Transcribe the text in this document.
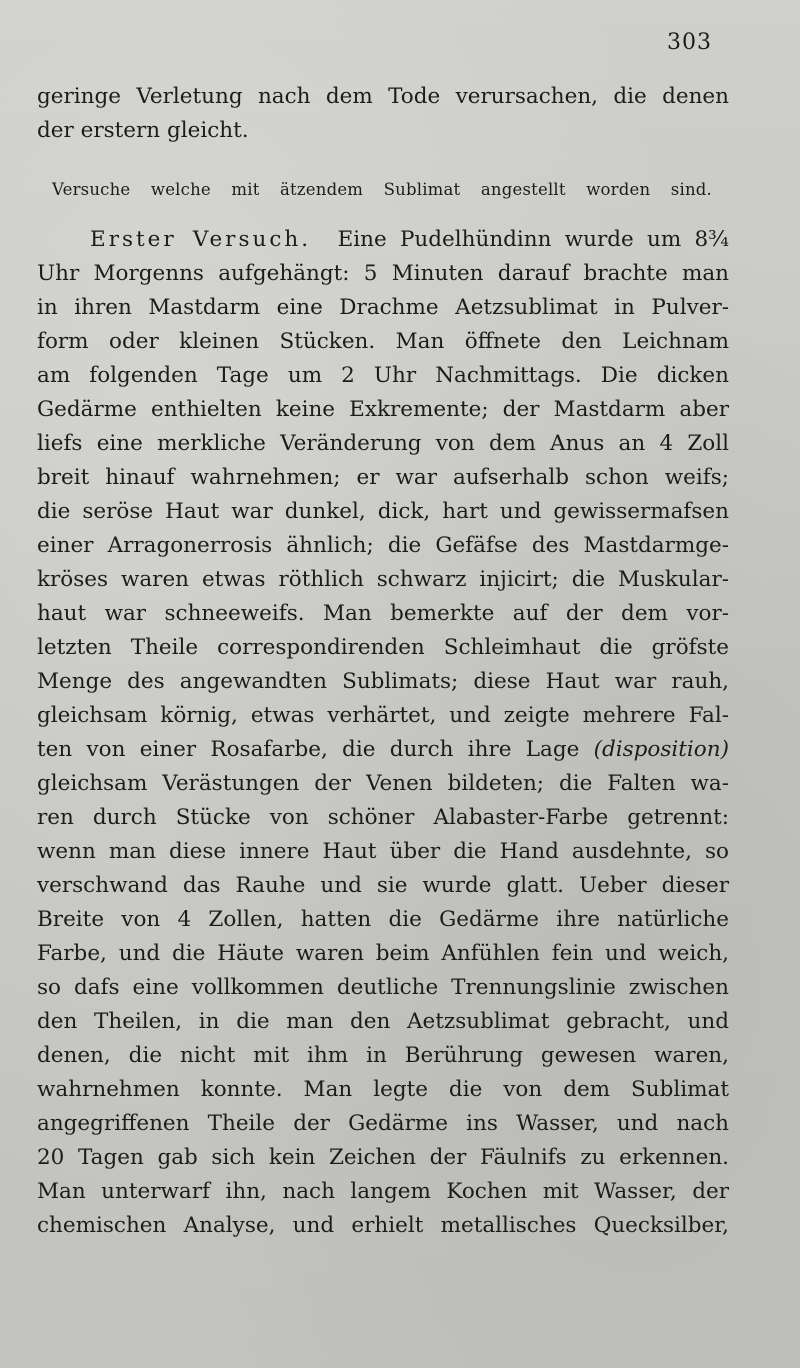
303
geringe Verletung nach dem Tode verursachen, die denen
der erstern gleicht.
Versuche welche mit ätzendem Sublimat angestellt worden sind.
Erster Versuch. Eine Pudelhündinn wurde um 8¾
Uhr Morgenns aufgehängt: 5 Minuten darauf brachte man
in ihren Mastdarm eine Drachme Aetzsublimat in Pulver-
form oder kleinen Stücken. Man öffnete den Leichnam
am folgenden Tage um 2 Uhr Nachmittags. Die dicken
Gedärme enthielten keine Exkremente; der Mastdarm aber
liefs eine merkliche Veränderung von dem Anus an 4 Zoll
breit hinauf wahrnehmen; er war aufserhalb schon weifs;
die seröse Haut war dunkel, dick, hart und gewissermafsen
einer Arragonerrosis ähnlich; die Gefäfse des Mastdarmge-
kröses waren etwas röthlich schwarz injicirt; die Muskular-
haut war schneeweifs. Man bemerkte auf der dem vor-
letzten Theile correspondirenden Schleimhaut die gröfste
Menge des angewandten Sublimats; diese Haut war rauh,
gleichsam körnig, etwas verhärtet, und zeigte mehrere Fal-
ten von einer Rosafarbe, die durch ihre Lage (disposition)
gleichsam Verästungen der Venen bildeten; die Falten wa-
ren durch Stücke von schöner Alabaster-Farbe getrennt:
wenn man diese innere Haut über die Hand ausdehnte, so
verschwand das Rauhe und sie wurde glatt. Ueber dieser
Breite von 4 Zollen, hatten die Gedärme ihre natürliche
Farbe, und die Häute waren beim Anfühlen fein und weich,
so dafs eine vollkommen deutliche Trennungslinie zwischen
den Theilen, in die man den Aetzsublimat gebracht, und
denen, die nicht mit ihm in Berührung gewesen waren,
wahrnehmen konnte. Man legte die von dem Sublimat
angegriffenen Theile der Gedärme ins Wasser, und nach
20 Tagen gab sich kein Zeichen der Fäulnifs zu erkennen.
Man unterwarf ihn, nach langem Kochen mit Wasser, der
chemischen Analyse, und erhielt metallisches Quecksilber,
